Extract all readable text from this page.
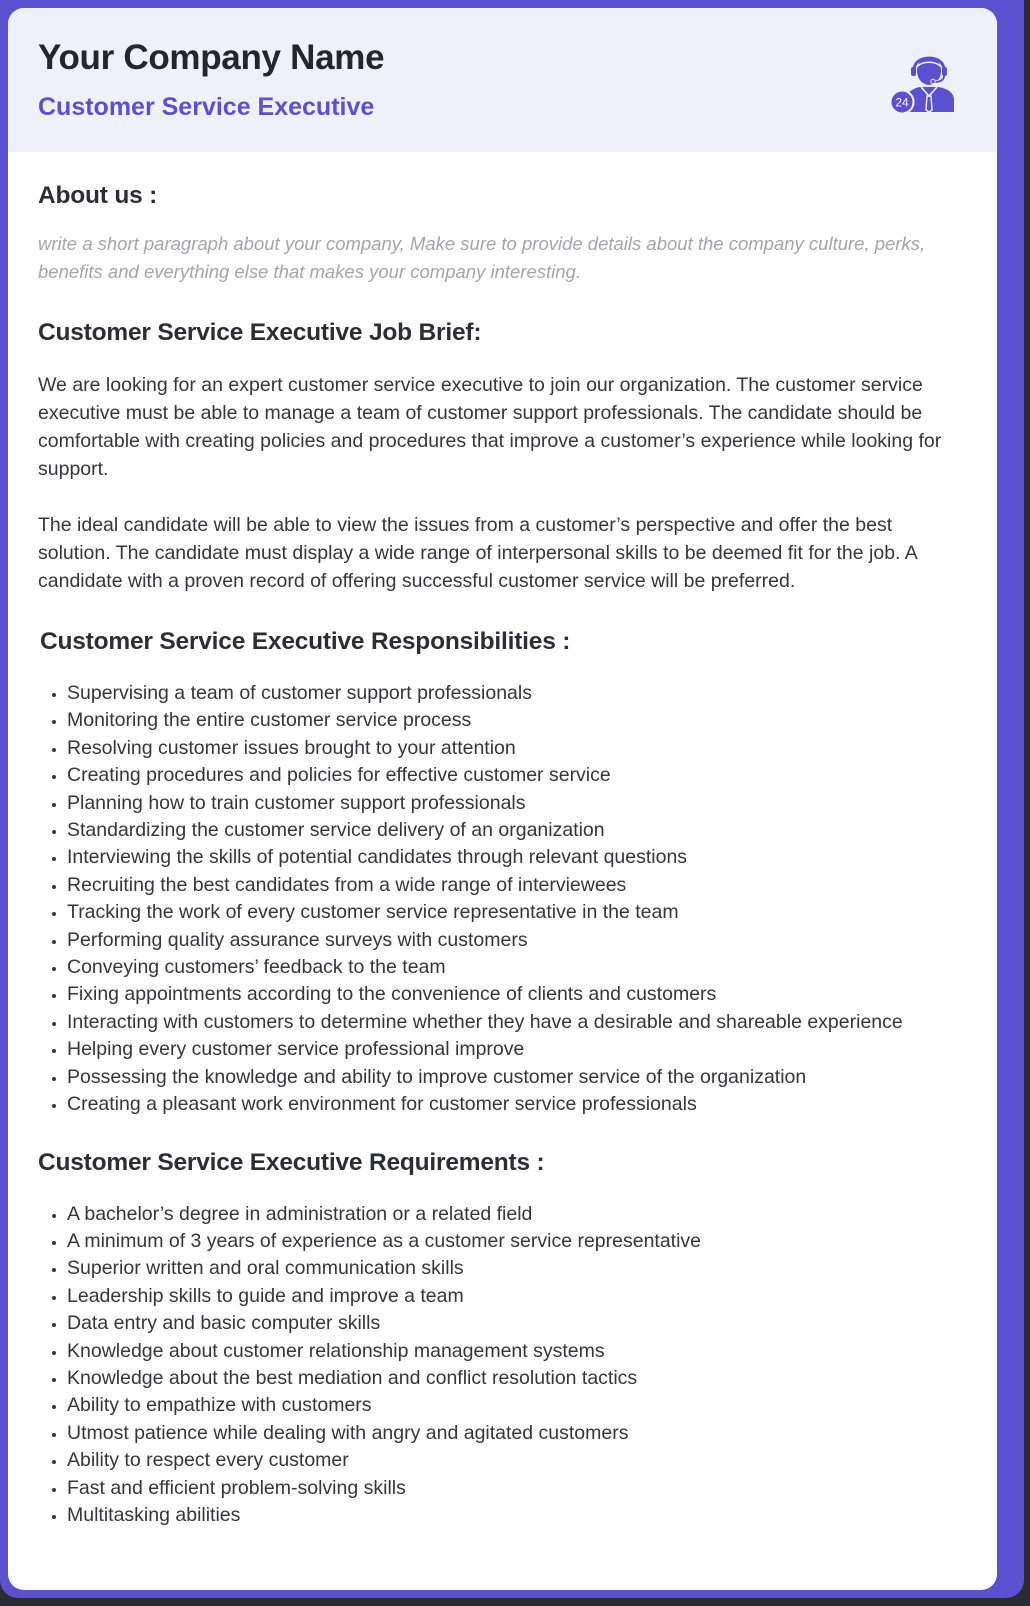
Your Company Name
Customer Service Executive	24
About us :

write a short paragraph about your company, Make sure to provide details about the company culture, perks, benefits and everything else that makes your company interesting.

Customer Service Executive Job Brief:

We are looking for an expert customer service executive to join our organization. The customer service executive must be able to manage a team of customer support professionals. The candidate should be comfortable with creating policies and procedures that improve a customer’s experience while looking for support.

The ideal candidate will be able to view the issues from a customer’s perspective and offer the best solution. The candidate must display a wide range of interpersonal skills to be deemed fit for the job. A candidate with a proven record of offering successful customer service will be preferred.

Customer Service Executive Responsibilities :
• Supervising a team of customer support professionals
• Monitoring the entire customer service process
• Resolving customer issues brought to your attention
• Creating procedures and policies for effective customer service
• Planning how to train customer support professionals
• Standardizing the customer service delivery of an organization
• Interviewing the skills of potential candidates through relevant questions
• Recruiting the best candidates from a wide range of interviewees
• Tracking the work of every customer service representative in the team
• Performing quality assurance surveys with customers
• Conveying customers’ feedback to the team
• Fixing appointments according to the convenience of clients and customers
• Interacting with customers to determine whether they have a desirable and shareable experience
• Helping every customer service professional improve
• Possessing the knowledge and ability to improve customer service of the organization
• Creating a pleasant work environment for customer service professionals
Customer Service Executive Requirements :
• A bachelor’s degree in administration or a related field
• A minimum of 3 years of experience as a customer service representative
• Superior written and oral communication skills
• Leadership skills to guide and improve a team
• Data entry and basic computer skills
• Knowledge about customer relationship management systems
• Knowledge about the best mediation and conflict resolution tactics
• Ability to empathize with customers
• Utmost patience while dealing with angry and agitated customers
• Ability to respect every customer
• Fast and efficient problem-solving skills
• Multitasking abilities
